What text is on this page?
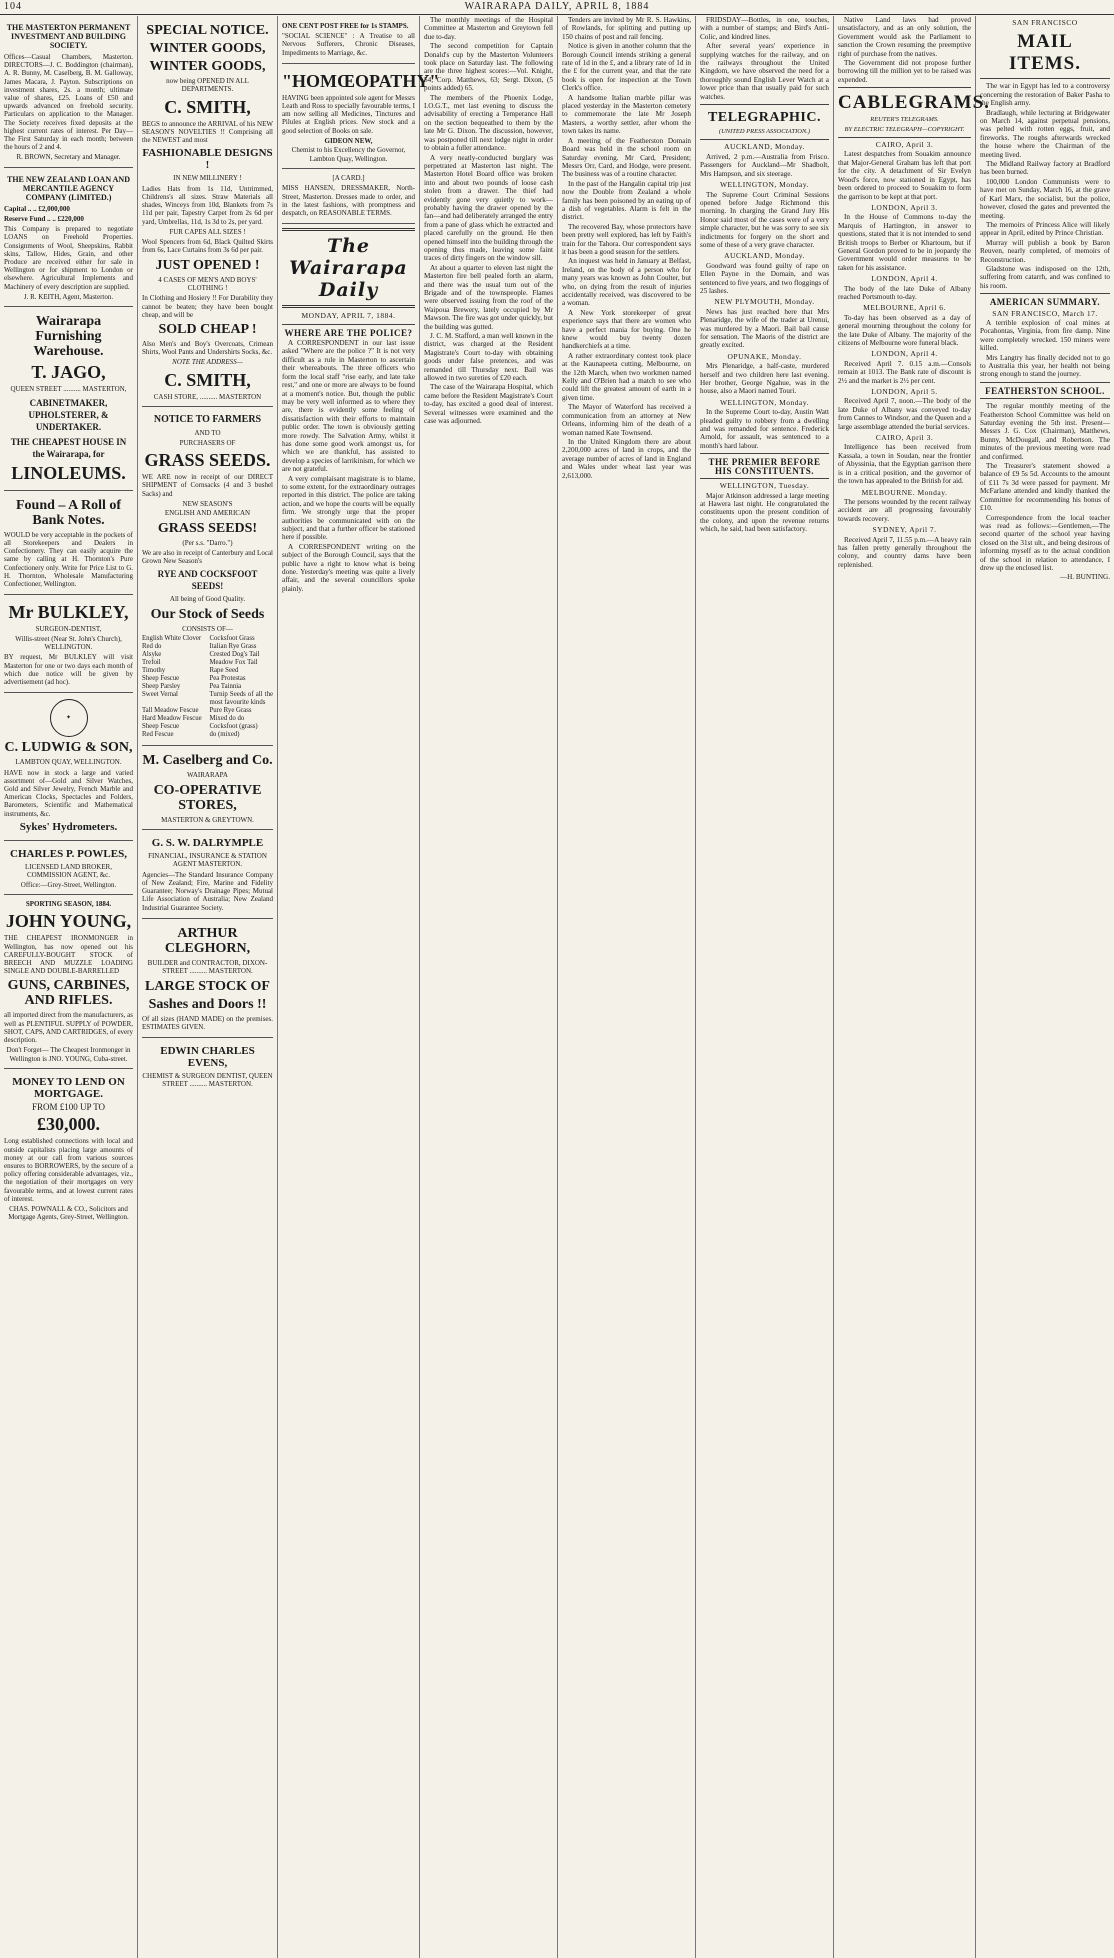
104	WAIRARAPA DAILY, APRIL 8, 1884
THE MASTERTON PERMANENT INVESTMENT AND BUILDING SOCIETY.
Offices—Casual Chambers, Masterton. DIRECTORS—J. C. Boddington (chairman), A. R. Bunny, M. Caselberg, B. M. Galloway, James Macara, J. Payton. Subscriptions on investment shares, 2s. a month; ultimate value of shares, £25. Loans of £50 and upwards advanced on freehold security. Particulars on application to the Manager. The Society receives fixed deposits at the highest current rates of interest. Per Day—The First Saturday in each month; between the hours of 2 and 4.
R. BROWN, Secretary and Manager.
THE NEW ZEALAND LOAN AND MERCANTILE AGENCY COMPANY (LIMITED.)
Capital .. .. £2,000,000
Reserve Fund .. .. £220,000
This Company is prepared to negotiate LOANS on Freehold Properties. Consignments of Wool, Sheepskins, Rabbit skins, Tallow, Hides, Grain, and other Produce are received either for sale in Wellington or for shipment to London or elsewhere. Agricultural Implements and Machinery of every description are supplied.
J. R. KEITH, Agent, Masterton.
Wairarapa Furnishing Warehouse.
T. JAGO,
QUEEN STREET .......... MASTERTON,
CABINETMAKER, UPHOLSTERER, & UNDERTAKER.
THE CHEAPEST HOUSE IN the Wairarapa, for
LINOLEUMS.
Found – A Roll of Bank Notes.
WOULD be very acceptable in the pockets of all Storekeepers and Dealers in Confectionery. They can easily acquire the same by calling at H. Thornton's Pure Confectionery only. Write for Price List to G. H. Thornton, Wholesale Manufacturing Confectioner, Wellington.
Mr BULKLEY,
SURGEON-DENTIST,
Willis-street (Near St. John's Church), WELLINGTON.
BY request, Mr BULKLEY will visit Masterton for one or two days each month of which due notice will be given by advertisement (ad hoc).
✦
C. LUDWIG & SON,
LAMBTON QUAY, WELLINGTON.
HAVE now in stock a large and varied assortment of—Gold and Silver Watches, Gold and Silver Jewelry, French Marble and American Clocks, Spectacles and Folders, Barometers, Scientific and Mathematical instruments, &c.
Sykes' Hydrometers.
CHARLES P. POWLES,
LICENSED LAND BROKER, COMMISSION AGENT, &c.
Office:—Grey-Street, Wellington.
SPORTING SEASON, 1884.
JOHN YOUNG,
THE CHEAPEST IRONMONGER in Wellington, has now opened out his CAREFULLY-BOUGHT STOCK of BREECH AND MUZZLE LOADING SINGLE AND DOUBLE-BARRELLED
GUNS, CARBINES, AND RIFLES.
all imported direct from the manufacturers, as well as PLENTIFUL SUPPLY of POWDER, SHOT, CAPS, AND CARTRIDGES, of every description.
Don't Forget— The Cheapest Ironmonger in Wellington is JNO. YOUNG, Cuba-street.
MONEY TO LEND ON MORTGAGE.
FROM £100 UP TO
£30,000.
Long established connections with local and outside capitalists placing large amounts of money at our call from various sources ensures to BORROWERS, by the secure of a policy offering considerable advantages, viz., the negotiation of their mortgages on very favourable terms, and at lowest current rates of interest.
CHAS. POWNALL & CO., Solicitors and Mortgage Agents, Grey-Street, Wellington.
SPECIAL NOTICE.
WINTER GOODS,
WINTER GOODS,
now being OPENED IN ALL DEPARTMENTS.
C. SMITH,
BEGS to announce the ARRIVAL of his NEW SEASON'S NOVELTIES !! Comprising all the NEWEST and most
FASHIONABLE DESIGNS !
IN NEW MILLINERY !
Ladies Hats from 1s 11d, Untrimmed, Childrens's all sizes. Straw Materials all shades, Winceys from 10d, Blankets from 7s 11d per pair, Tapestry Carpet from 2s 6d per yard, Umbrellas, 11d, 1s 3d to 2s, per yard.
FUR CAPES ALL SIZES !
Wool Spencers from 6d, Black Quilted Skirts from 6s, Lace Curtains from 3s 6d per pair.
JUST OPENED !
4 CASES OF MEN'S AND BOYS' CLOTHING !
In Clothing and Hosiery !! For Durability they cannot be beaten; they have been bought cheap, and will be
SOLD CHEAP !
Also Men's and Boy's Overcoats, Crimean Shirts, Wool Pants and Undershirts Socks, &c.
NOTE THE ADDRESS—
C. SMITH,
CASH STORE, .......... MASTERTON
NOTICE TO FARMERS
AND TO
PURCHASERS OF
GRASS SEEDS.
WE ARE now in receipt of our DIRECT SHIPMENT of Cornsacks (4 and 3 bushel Sacks) and
NEW SEASON'S
ENGLISH AND AMERICAN
GRASS SEEDS!
(Per s.s. "Darro.")
We are also in receipt of Canterbury and Local Grown New Season's
RYE AND COCKSFOOT SEEDS!
All being of Good Quality.
Our Stock of Seeds
CONSISTS OF—
English White Clover	Cocksfoot Grass
Red do	Italian Rye Grass
Alsyke	Crested Dog's Tail
Trefoil	Meadow Fox Tail
Timothy	Rape Seed
Sheep Fescue	Pea Protestas
Sheep Parsley	Pea Tainnia
Sweet Vernal	Turnip Seeds of all the most favourite kinds
Tall Meadow Fescue	Pure Rye Grass
Hard Meadow Fescue	Mixed do do
Sheep Fescue	Cocksfoot (grass)
Red Fescue	do (mixed)
M. Caselberg and Co.
WAIRARAPA
CO-OPERATIVE STORES,
MASTERTON & GREYTOWN.
G. S. W. DALRYMPLE
FINANCIAL, INSURANCE & STATION AGENT MASTERTON.
Agencies—The Standard Insurance Company of New Zealand; Fire, Marine and Fidelity Guarantee; Norway's Drainage Pipes; Mutual Life Association of Australia; New Zealand Industrial Guarantee Society.
ARTHUR CLEGHORN,
BUILDER and CONTRACTOR, DIXON-STREET .......... MASTERTON.
LARGE STOCK OF
Sashes and Doors !!
Of all sizes (HAND MADE) on the premises. ESTIMATES GIVEN.
EDWIN CHARLES EVENS,
CHEMIST & SURGEON DENTIST, QUEEN STREET .......... MASTERTON.
ONE CENT POST FREE for 1s STAMPS.
"SOCIAL SCIENCE" : A Treatise to all Nervous Sufferers, Chronic Diseases, Impediments to Marriage, &c.
"HOMŒOPATHY"
HAVING been appointed sole agent for Messrs Leath and Ross to specially favourable terms, I am now selling all Medicines, Tinctures and Pilules at English prices. New stock and a good selection of Books on sale.
GIDEON NEW,
Chemist to his Excellency the Governor, Lambton Quay, Wellington.
[A CARD.]
MISS HANSEN, DRESSMAKER, North-Street, Masterton. Dresses made to order, and in the latest fashions, with promptness and despatch, on REASONABLE TERMS.
The Wairarapa Daily
MONDAY, APRIL 7, 1884.
WHERE ARE THE POLICE?
A CORRESPONDENT in our last issue asked "Where are the police ?" It is not very difficult as a rule in Masterton to ascertain their whereabouts. The three officers who form the local staff "rise early, and late take rest," and one or more are always to be found at a moment's notice. But, though the public may be very well informed as to where they are, there is evidently some feeling of dissatisfaction with their efforts to maintain public order. The town is obviously getting more rowdy. The Salvation Army, whilst it has done some good work amongst us, for which we are thankful, has assisted to develop a species of larrikinism, for which we are not grateful.
A very complaisant magistrate is to blame, to some extent, for the extraordinary outrages reported in this district. The police are taking action, and we hope the courts will be equally firm. We strongly urge that the proper authorities be communicated with on the subject, and that a further officer be stationed here if possible.
A CORRESPONDENT writing on the subject of the Borough Council, says that the public have a right to know what is being done. Yesterday's meeting was quite a lively affair, and the several councillors spoke plainly.
The monthly meetings of the Hospital Committee at Masterton and Greytown fell due to-day.
The second competition for Captain Donald's cup by the Masterton Volunteers took place on Saturday last. The following are the three highest scores:—Vol. Knight, 54; Corp. Matthews, 63; Sergt. Dixon, (5 points added) 65.
The members of the Phoenix Lodge, I.O.G.T., met last evening to discuss the advisability of erecting a Temperance Hall on the section bequeathed to them by the late Mr G. Dixon. The discussion, however, was postponed till next lodge night in order to obtain a fuller attendance.
A very neatly-conducted burglary was perpetrated at Masterton last night. The Masterton Hotel Board office was broken into and about two pounds of loose cash stolen from a drawer. The thief had evidently gone very quietly to work—probably having the drawer opened by the fan—and had deliberately arranged the entry from a pane of glass which he extracted and placed carefully on the ground. He then opened himself into the building through the opening thus made, leaving some faint traces of dirty fingers on the window sill.
At about a quarter to eleven last night the Masterton fire bell pealed forth an alarm, and there was the usual turn out of the Brigade and of the townspeople. Flames were observed issuing from the roof of the Waipoua Brewery, lately occupied by Mr Mawson. The fire was got under quickly, but the building was gutted.
J. C. M. Stafford, a man well known in the district, was charged at the Resident Magistrate's Court to-day with obtaining goods under false pretences, and was remanded till Thursday next. Bail was allowed in two sureties of £20 each.
The case of the Wairarapa Hospital, which came before the Resident Magistrate's Court to-day, has excited a good deal of interest. Several witnesses were examined and the case was adjourned.
Tenders are invited by Mr R. S. Hawkins, of Rowlands, for splitting and putting up 150 chains of post and rail fencing.
Notice is given in another column that the Borough Council intends striking a general rate of 1d in the £, and a library rate of 1d in the £ for the current year, and that the rate book is open for inspection at the Town Clerk's office.
A handsome Italian marble pillar was placed yesterday in the Masterton cemetery to commemorate the late Mr Joseph Masters, a worthy settler, after whom the town takes its name.
A meeting of the Featherston Domain Board was held in the school room on Saturday evening. Mr Card, President; Messrs Orr, Card, and Hodge, were present. The business was of a routine character.
In the past of the Hangalin capital trip just now the Double from Zealand a whole family has been poisoned by an eating up of a dish of vegetables. Alarm is felt in the district.
The recovered Bay, whose protectors have been pretty well explored, has left by Faith's train for the Tahora. Our correspondent says it has been a good season for the settlers.
An inquest was held in January at Belfast, Ireland, on the body of a person who for many years was known as John Coulter, but who, on dying from the result of injuries accidentally received, was discovered to be a woman.
A New York storekeeper of great experience says that there are women who have a perfect mania for buying. One he knew would buy twenty dozen handkerchiefs at a time.
A rather extraordinary contest took place at the Kaunapeeta cutting, Melbourne, on the 12th March, when two workmen named Kelly and O'Brien had a match to see who could lift the greatest amount of earth in a given time.
The Mayor of Waterford has received a communication from an attorney at New Orleans, informing him of the death of a woman named Kate Townsend.
In the United Kingdom there are about 2,200,000 acres of land in crops, and the average number of acres of land in England and Wales under wheat last year was 2,613,000.
FRIDSDAY—Bottles, in one, touches, with a number of stamps; and Bird's Anti-Colic, and kindred lines.
After several years' experience in supplying watches for the railway, and on the railways throughout the United Kingdom, we have observed the need for a thoroughly sound English Lever Watch at a lower price than that usually paid for such watches.
TELEGRAPHIC.
(UNITED PRESS ASSOCIATION.)
AUCKLAND, Monday.
Arrived, 2 p.m.—Australia from Frisco. Passengers for Auckland—Mr Shadbolt, Mrs Hampson, and six steerage.
WELLINGTON, Monday.
The Supreme Court Criminal Sessions opened before Judge Richmond this morning. In charging the Grand Jury His Honor said most of the cases were of a very simple character, but he was sorry to see six indictments for forgery on the short and some of these of a very grave character.
AUCKLAND, Monday.
Goodward was found guilty of rape on Ellen Payne in the Domain, and was sentenced to five years, and two floggings of 25 lashes.
NEW PLYMOUTH, Monday.
News has just reached here that Mrs Plenaridge, the wife of the trader at Urenui, was murdered by a Maori. Bail bail cause for sensation. The Maoris of the district are greatly excited.
OPUNAKE, Monday.
Mrs Plenaridge, a half-caste, murdered herself and two children here last evening. Her brother, George Ngahue, was in the house, also a Maori named Touri.
WELLINGTON, Monday.
In the Supreme Court to-day, Austin Watt pleaded guilty to robbery from a dwelling and was remanded for sentence. Frederick Arnold, for assault, was sentenced to a month's hard labour.
THE PREMIER BEFORE HIS CONSTITUENTS.
WELLINGTON, Tuesday.
Major Atkinson addressed a large meeting at Hawera last night. He congratulated the constituents upon the present condition of the colony, and upon the revenue returns which, he said, had been satisfactory.
Native Land laws had proved unsatisfactory, and as an only solution, the Government would ask the Parliament to sanction the Crown resuming the preemptive right of purchase from the natives.
The Government did not propose further borrowing till the million yet to be raised was expended.
CABLEGRAMS.
REUTER'S TELEGRAMS.
BY ELECTRIC TELEGRAPH—COPYRIGHT.
CAIRO, April 3.
Latest despatches from Souakim announce that Major-General Graham has left that port for the city. A detachment of Sir Evelyn Wood's force, now stationed in Egypt, has been ordered to proceed to Souakim to form the garrison to be kept at that port.
LONDON, April 3.
In the House of Commons to-day the Marquis of Hartington, in answer to questions, stated that it is not intended to send British troops to Berber or Khartoum, but if General Gordon proved to be in jeopardy the Government would order measures to be taken for his assistance.
LONDON, April 4.
The body of the late Duke of Albany reached Portsmouth to-day.
MELBOURNE, April 6.
To-day has been observed as a day of general mourning throughout the colony for the late Duke of Albany. The majority of the citizens of Melbourne wore funeral black.
LONDON, April 4.
Received April 7. 0.15 a.m.—Consols remain at 1013. The Bank rate of discount is 2½ and the market is 2½ per cent.
LONDON, April 5.
Received April 7, noon.—The body of the late Duke of Albany was conveyed to-day from Cannes to Windsor, and the Queen and a large assemblage attended the burial services.
CAIRO, April 3.
Intelligence has been received from Kassala, a town in Soudan, near the frontier of Abyssinia, that the Egyptian garrison there is in a critical position, and the governor of the town has appealed to the British for aid.
MELBOURNE. Monday.
The persons wounded by the recent railway accident are all progressing favourably towards recovery.
SYDNEY, April 7.
Received April 7, 11.55 p.m.—A heavy rain has fallen pretty generally throughout the colony, and country dams have been replenished.
SAN FRANCISCO
MAIL ITEMS.
The war in Egypt has led to a controversy concerning the restoration of Baker Pasha to the English army.
Bradlaugh, while lecturing at Bridgewater on March 14, against perpetual pensions, was pelted with rotten eggs, fruit, and fireworks. The roughs afterwards wrecked the house where the Chairman of the meeting lived.
The Midland Railway factory at Bradford has been burned.
100,000 London Communists were to have met on Sunday, March 16, at the grave of Karl Marx, the socialist, but the police, however, closed the gates and prevented the meeting.
The memoirs of Princess Alice will likely appear in April, edited by Prince Christian.
Murray will publish a book by Baron Reuven, nearly completed, of memoirs of Reconstruction.
Gladstone was indisposed on the 12th, suffering from catarrh, and was confined to his room.
AMERICAN SUMMARY.
SAN FRANCISCO, March 17.
A terrible explosion of coal mines at Pocahontas, Virginia, from fire damp. Nine were completely wrecked. 150 miners were killed.
Mrs Langtry has finally decided not to go to Australia this year, her health not being strong enough to stand the journey.
FEATHERSTON SCHOOL.
The regular monthly meeting of the Featherston School Committee was held on Saturday evening the 5th inst. Present—Messrs J. G. Cox (Chairman), Matthews, Bunny, McDougall, and Robertson. The minutes of the previous meeting were read and confirmed.
The Treasurer's statement showed a balance of £9 5s 5d. Accounts to the amount of £11 7s 3d were passed for payment. Mr McFarlane attended and kindly thanked the Committee for recommending his bonus of £10.
Correspondence from the local teacher was read as follows:—Gentlemen,—The second quarter of the school year having closed on the 31st ult., and being desirous of informing myself as to the actual condition of the school in relation to attendance, I drew up the enclosed list.
—H. BUNTING.
